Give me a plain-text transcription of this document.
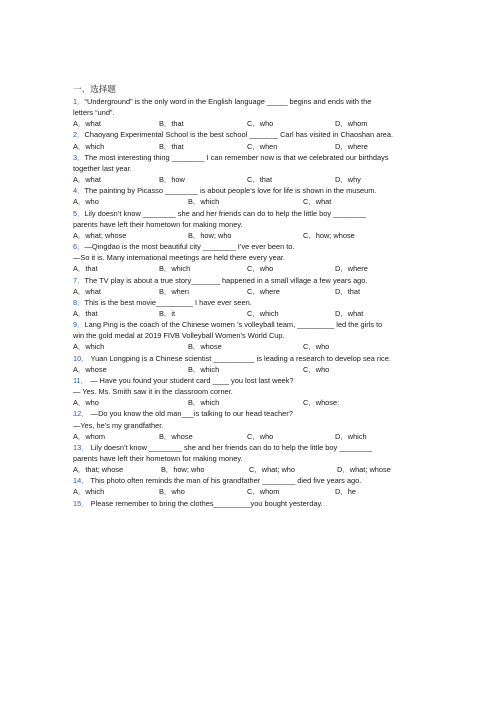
一、选择题
1．“Underground” is the only word in the English language _____ begins and ends with the
letters “und”.
A．what	B．that	C．who	D．whom
2．Chaoyang Experimental School is the best school _______ Carl has visited in Chaoshan area.
A．which	B．that	C．when	D．where
3．The most interesting thing ________ I can remember now is that we celebrated our birthdays
together last year.
A．what	B．how	C．that	D．why
4．The painting by Picasso ________ is about people’s love for life is shown in the museum.
A．who	B．which	C．what
5．Lily doesn’t know ________ she and her friends can do to help the little boy ________
parents have left their hometown for making money.
A．what; whose	B．how; who	C．how; whose
6．—Qingdao is the most beautiful city ________ I’ve ever been to.
—So it is. Many international meetings are held there every year.
A．that	B．which	C．who	D．where
7．The TV play is about a true story_______ happened in a small village a few years ago.
A．what	B．when	C．where	D．that
8．This is the best movie_________ I have ever seen.
A．that	B．it	C．which	D．what
9．Lang Ping is the coach of the Chinese women ’s volleyball team, _________ led the girls to
win the gold medal at 2019 FIVB Volleyball Women’s World Cup.
A．which	B．whose	C．who
10． Yuan Longping is a Chinese scientist __________ is leading a research to develop sea rice.
A．whose	B．which	C．who
11． — Have you found your student card ____ you lost last week?
— Yes. Ms. Smith saw it in the classroom corner.
A．who	B．which	C．whose:
12． —Do you know the old man___is talking to our head teacher?
—Yes, he’s my grandfather.
A．whom	B．whose	C．who	D．which
13． Lily doesn’t know ________ she and her friends can do to help the little boy ________
parents have left their hometown for making money.
A．that; whose	B．how; who	C．what; who	D．what; whose
14． This photo often reminds the man of his grandfather ________ died five years ago.
A．which	B．who	C．whom	D．he
15． Please remember to bring the clothes_________you bought yesterday.
